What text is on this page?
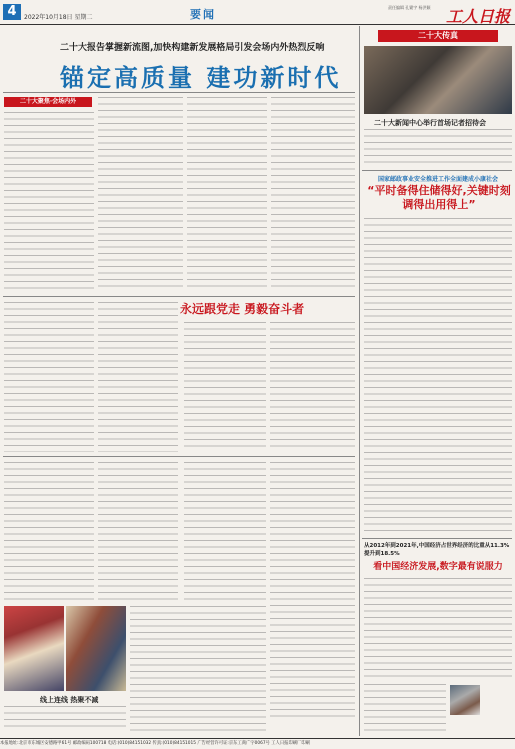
4	2022年10月18日 星期二	要闻
责任编辑 孔繁宇 杨洪颖 工人日报
二十大报告掌握新流图,加快构建新发展格局引发会场内外热烈反响
锚定高质量 建功新时代
二十大聚焦·会场内外
永远跟党走 勇毅奋斗者
线上连线 热聚不减
二十大传真
二十大新闻中心举行首场记者招待会
国家邮政事业安全推进工作全面建成小康社会
“平时备得住储得好,关键时刻调得出用得上”
从2012年到2021年,中国经济占世界经济的比重从11.3%提升到18.5%
看中国经济发展,数字最有说服力
本报地址:北京市东城区安德路甲61号 邮政编码100718 电话:(010)84151032 传真:(010)84151015 广告经营许可证:京东工商广字0067号 工人日报印刷厂印刷
